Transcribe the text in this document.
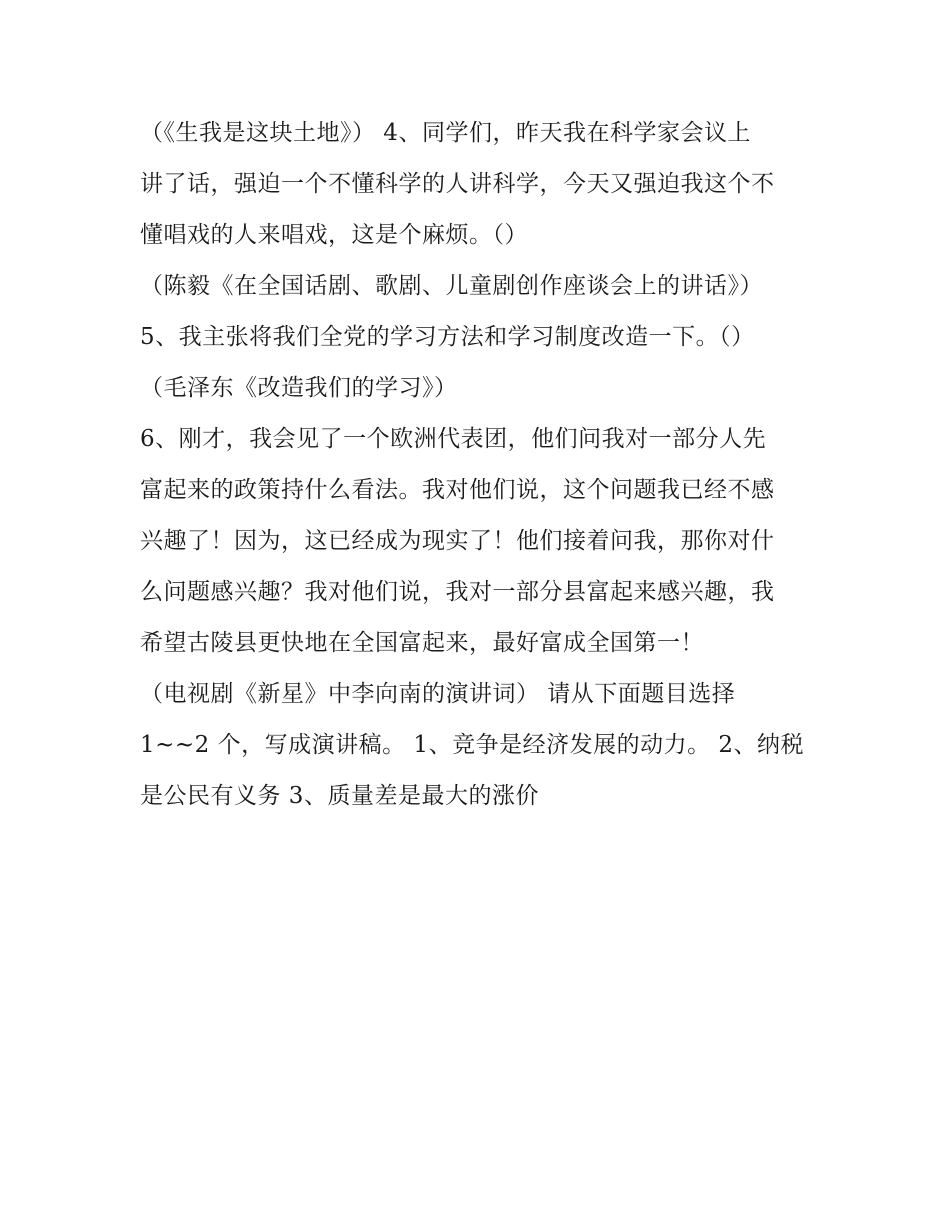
（《生我是这块土地》） 4、同学们，昨天我在科学家会议上
讲了话，强迫一个不懂科学的人讲科学，今天又强迫我这个不
懂唱戏的人来唱戏，这是个麻烦。（）
（陈毅《在全国话剧、歌剧、儿童剧创作座谈会上的讲话》）
5、我主张将我们全党的学习方法和学习制度改造一下。（）
（毛泽东《改造我们的学习》）
6、刚才，我会见了一个欧洲代表团，他们问我对一部分人先
富起来的政策持什么看法。我对他们说，这个问题我已经不感
兴趣了！因为，这已经成为现实了！他们接着问我，那你对什
么问题感兴趣？我对他们说，我对一部分县富起来感兴趣，我
希望古陵县更快地在全国富起来，最好富成全国第一！
（电视剧《新星》中李向南的演讲词） 请从下面题目选择
1~~2 个，写成演讲稿。 1、竞争是经济发展的动力。 2、纳税
是公民有义务 3、质量差是最大的涨价
